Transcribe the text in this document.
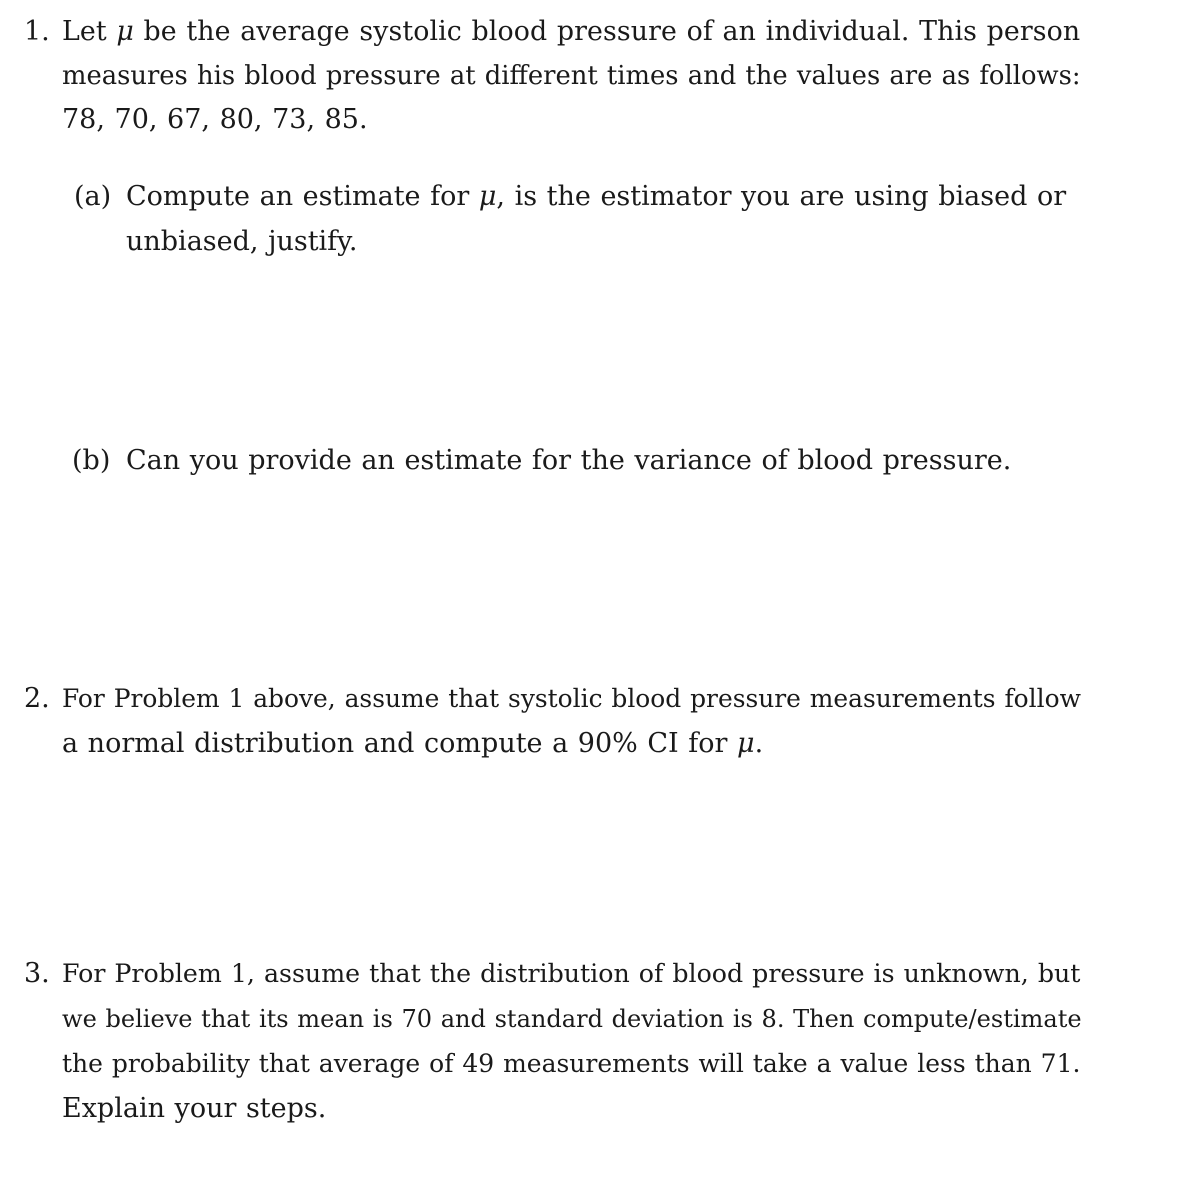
1. Let μ be the average systolic blood pressure of an individual. This person
measures his blood pressure at different times and the values are as follows:
78, 70, 67, 80, 73, 85.
(a) Compute an estimate for μ, is the estimator you are using biased or
unbiased, justify.
(b) Can you provide an estimate for the variance of blood pressure.
2. For Problem 1 above, assume that systolic blood pressure measurements follow
a normal distribution and compute a 90% CI for μ.
3. For Problem 1, assume that the distribution of blood pressure is unknown, but
we believe that its mean is 70 and standard deviation is 8. Then compute/estimate
the probability that average of 49 measurements will take a value less than 71.
Explain your steps.
